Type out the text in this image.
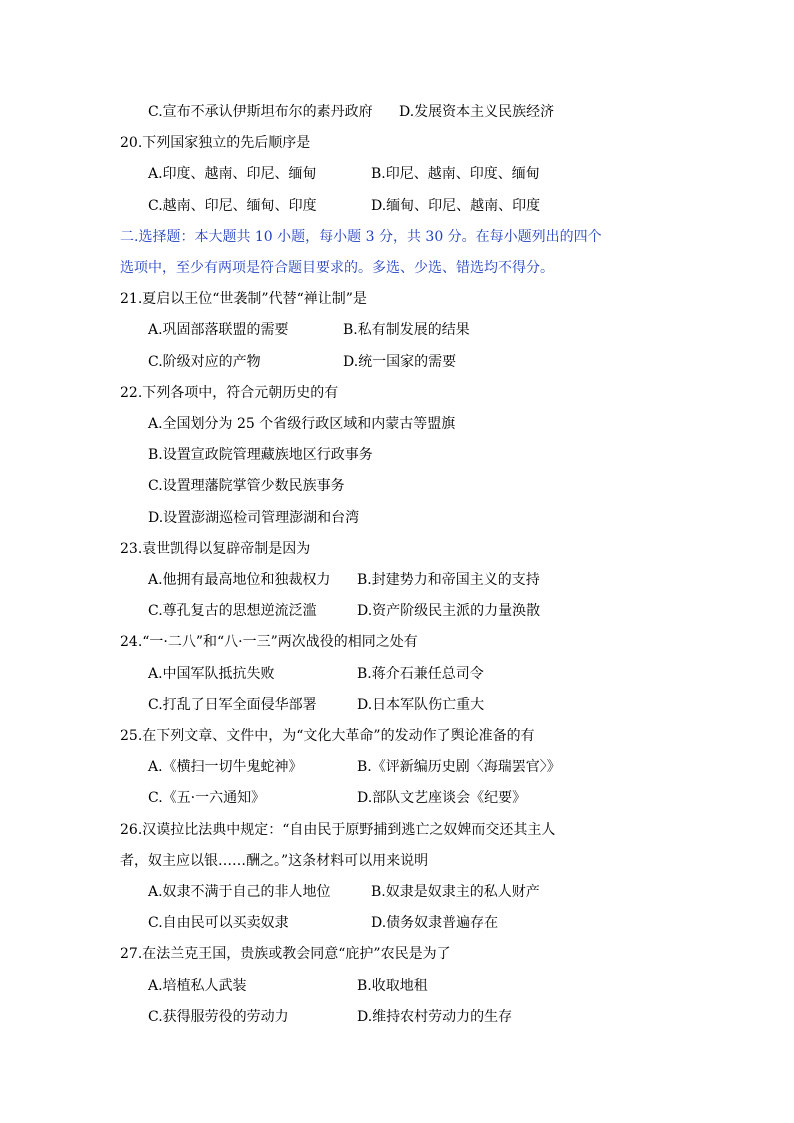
C.宣布不承认伊斯坦布尔的素丹政府 D.发展资本主义民族经济
20.下列国家独立的先后顺序是
A.印度、越南、印尼、缅甸	B.印尼、越南、印度、缅甸
C.越南、印尼、缅甸、印度	D.缅甸、印尼、越南、印度
二.选择题：本大题共 10 小题，每小题 3 分，共 30 分。在每小题列出的四个
选项中，至少有两项是符合题目要求的。多选、少选、错选均不得分。
21.夏启以王位“世袭制”代替“禅让制”是
A.巩固部落联盟的需要	B.私有制发展的结果
C.阶级对应的产物	D.统一国家的需要
22.下列各项中，符合元朝历史的有
A.全国划分为 25 个省级行政区域和内蒙古等盟旗
B.设置宣政院管理藏族地区行政事务
C.设置理藩院掌管少数民族事务
D.设置澎湖巡检司管理澎湖和台湾
23.袁世凯得以复辟帝制是因为
A.他拥有最高地位和独裁权力 B.封建势力和帝国主义的支持
C.尊孔复古的思想逆流泛滥	D.资产阶级民主派的力量涣散
24.“一·二八”和“八·一三”两次战役的相同之处有
A.中国军队抵抗失败	B.蒋介石兼任总司令
C.打乱了日军全面侵华部署	D.日本军队伤亡重大
25.在下列文章、文件中，为“文化大革命”的发动作了舆论准备的有
A.《横扫一切牛鬼蛇神》	B.《评新编历史剧〈海瑞罢官〉》
C.《五·一六通知》	D.部队文艺座谈会《纪要》
26.汉谟拉比法典中规定：“自由民于原野捕到逃亡之奴婢而交还其主人
者，奴主应以银……酬之。”这条材料可以用来说明
A.奴隶不满于自己的非人地位	B.奴隶是奴隶主的私人财产
C.自由民可以买卖奴隶	D.债务奴隶普遍存在
27.在法兰克王国，贵族或教会同意“庇护”农民是为了
A.培植私人武装	B.收取地租
C.获得服劳役的劳动力	D.维持农村劳动力的生存
